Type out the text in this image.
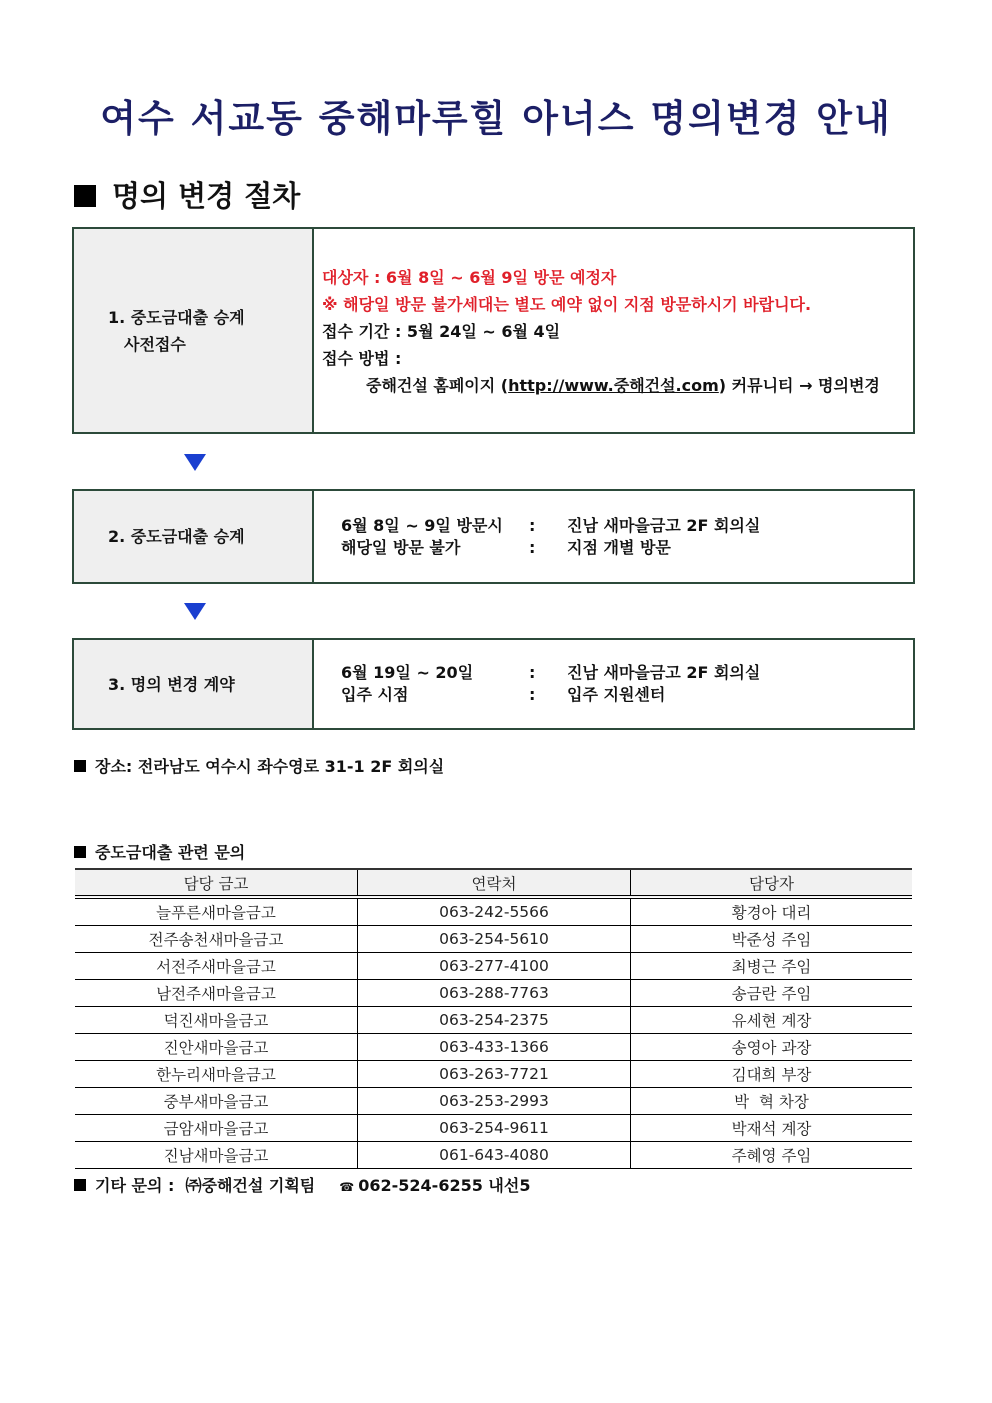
여수 서교동 중해마루힐 아너스 명의변경 안내
명의 변경 절차
1. 중도금대출 승계
사전접수
대상자 : 6월 8일 ~ 6월 9일 방문 예정자
※ 해당일 방문 불가세대는 별도 예약 없이 지점 방문하시기 바랍니다.
접수 기간 : 5월 24일 ~ 6월 4일
접수 방법 :
중해건설 홈페이지 (http://www.중해건설.com) 커뮤니티 → 명의변경
2. 중도금대출 승계
6월 8일 ~ 9일 방문시	:	진남 새마을금고 2F 회의실
해당일 방문 불가	:	지점 개별 방문
3. 명의 변경 계약
6월 19일 ~ 20일	:	진남 새마을금고 2F 회의실
입주 시점	:	입주 지원센터
장소: 전라남도 여수시 좌수영로 31-1 2F 회의실
중도금대출 관련 문의
담당 금고	연락처	담당자
늘푸른새마을금고	063-242-5566	황경아 대리
전주송천새마을금고	063-254-5610	박준성 주임
서전주새마을금고	063-277-4100	최병근 주임
남전주새마을금고	063-288-7763	송금란 주임
덕진새마을금고	063-254-2375	유세현 계장
진안새마을금고	063-433-1366	송영아 과장
한누리새마을금고	063-263-7721	김대희 부장
중부새마을금고	063-253-2993	박  혁 차장
금암새마을금고	063-254-9611	박재석 계장
진남새마을금고	061-643-4080	주혜영 주임
기타 문의 :  ㈜중해건설 기획팀 ☎ 062-524-6255 내선5
